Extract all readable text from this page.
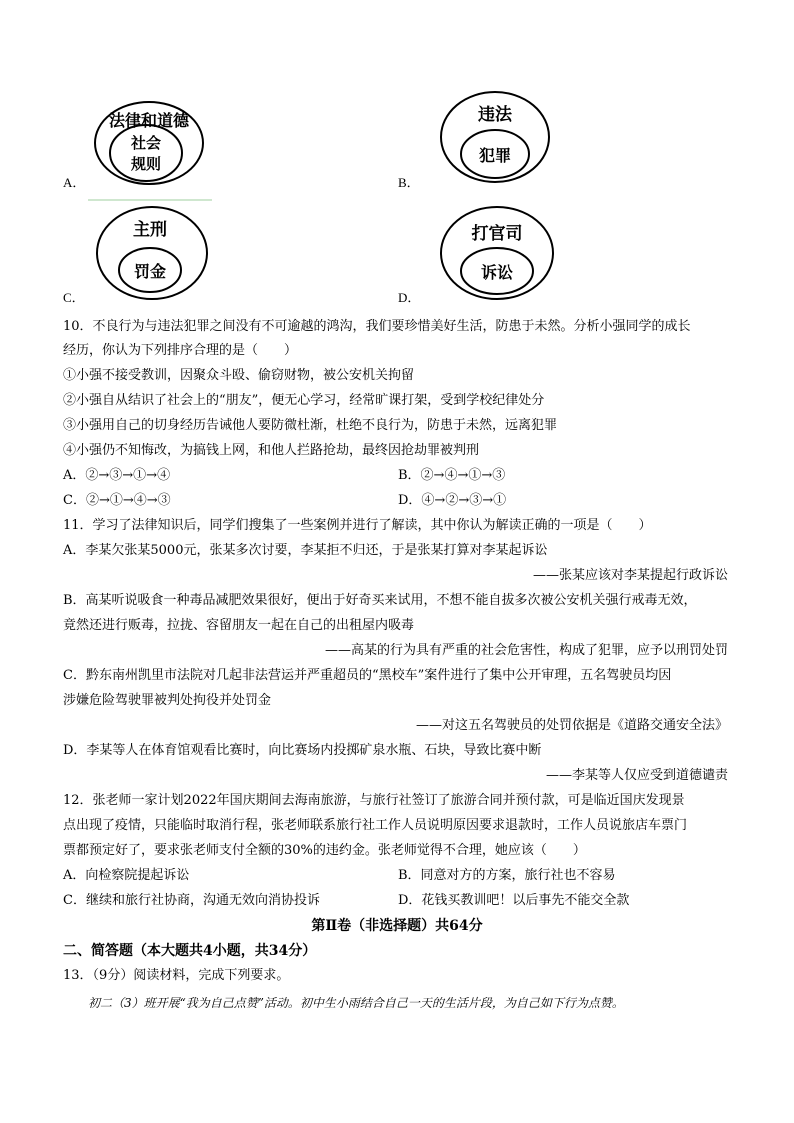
A．
法律和道德
社会
规则
B．
违法
犯罪
C．
主刑
罚金
D．
打官司
诉讼
10．不良行为与违法犯罪之间没有不可逾越的鸿沟，我们要珍惜美好生活，防患于未然。分析小强同学的成长
经历，你认为下列排序合理的是（　　）
①小强不接受教训，因聚众斗殴、偷窃财物，被公安机关拘留
②小强自从结识了社会上的“朋友”，便无心学习，经常旷课打架，受到学校纪律处分
③小强用自己的切身经历告诫他人要防微杜渐，杜绝不良行为，防患于未然，远离犯罪
④小强仍不知悔改，为搞钱上网，和他人拦路抢劫，最终因抢劫罪被判刑
A．②→③→①→④	B．②→④→①→③
C．②→①→④→③	D．④→②→③→①
11．学习了法律知识后，同学们搜集了一些案例并进行了解读，其中你认为解读正确的一项是（　　）
A．李某欠张某5000元，张某多次讨要，李某拒不归还，于是张某打算对李某起诉讼
——张某应该对李某提起行政诉讼
B．高某听说吸食一种毒品减肥效果很好，便出于好奇买来试用，不想不能自拔多次被公安机关强行戒毒无效，
竟然还进行贩毒，拉拢、容留朋友一起在自己的出租屋内吸毒
——高某的行为具有严重的社会危害性，构成了犯罪，应予以刑罚处罚
C．黔东南州凯里市法院对几起非法营运并严重超员的“黑校车”案件进行了集中公开审理，五名驾驶员均因
涉嫌危险驾驶罪被判处拘役并处罚金
——对这五名驾驶员的处罚依据是《道路交通安全法》
D．李某等人在体育馆观看比赛时，向比赛场内投掷矿泉水瓶、石块，导致比赛中断
——李某等人仅应受到道德谴责
12．张老师一家计划2022年国庆期间去海南旅游，与旅行社签订了旅游合同并预付款，可是临近国庆发现景
点出现了疫情，只能临时取消行程，张老师联系旅行社工作人员说明原因要求退款时，工作人员说旅店车票门
票都预定好了，要求张老师支付全额的30%的违约金。张老师觉得不合理，她应该（　　）
A．向检察院提起诉讼	B．同意对方的方案，旅行社也不容易
C．继续和旅行社协商，沟通无效向消协投诉	D．花钱买教训吧！以后事先不能交全款
第Ⅱ卷（非选择题）共64分
二、简答题（本大题共4小题，共34分）
13．（9分）阅读材料，完成下列要求。
初二（3）班开展“我为自己点赞”活动。初中生小雨结合自己一天的生活片段，为自己如下行为点赞。
